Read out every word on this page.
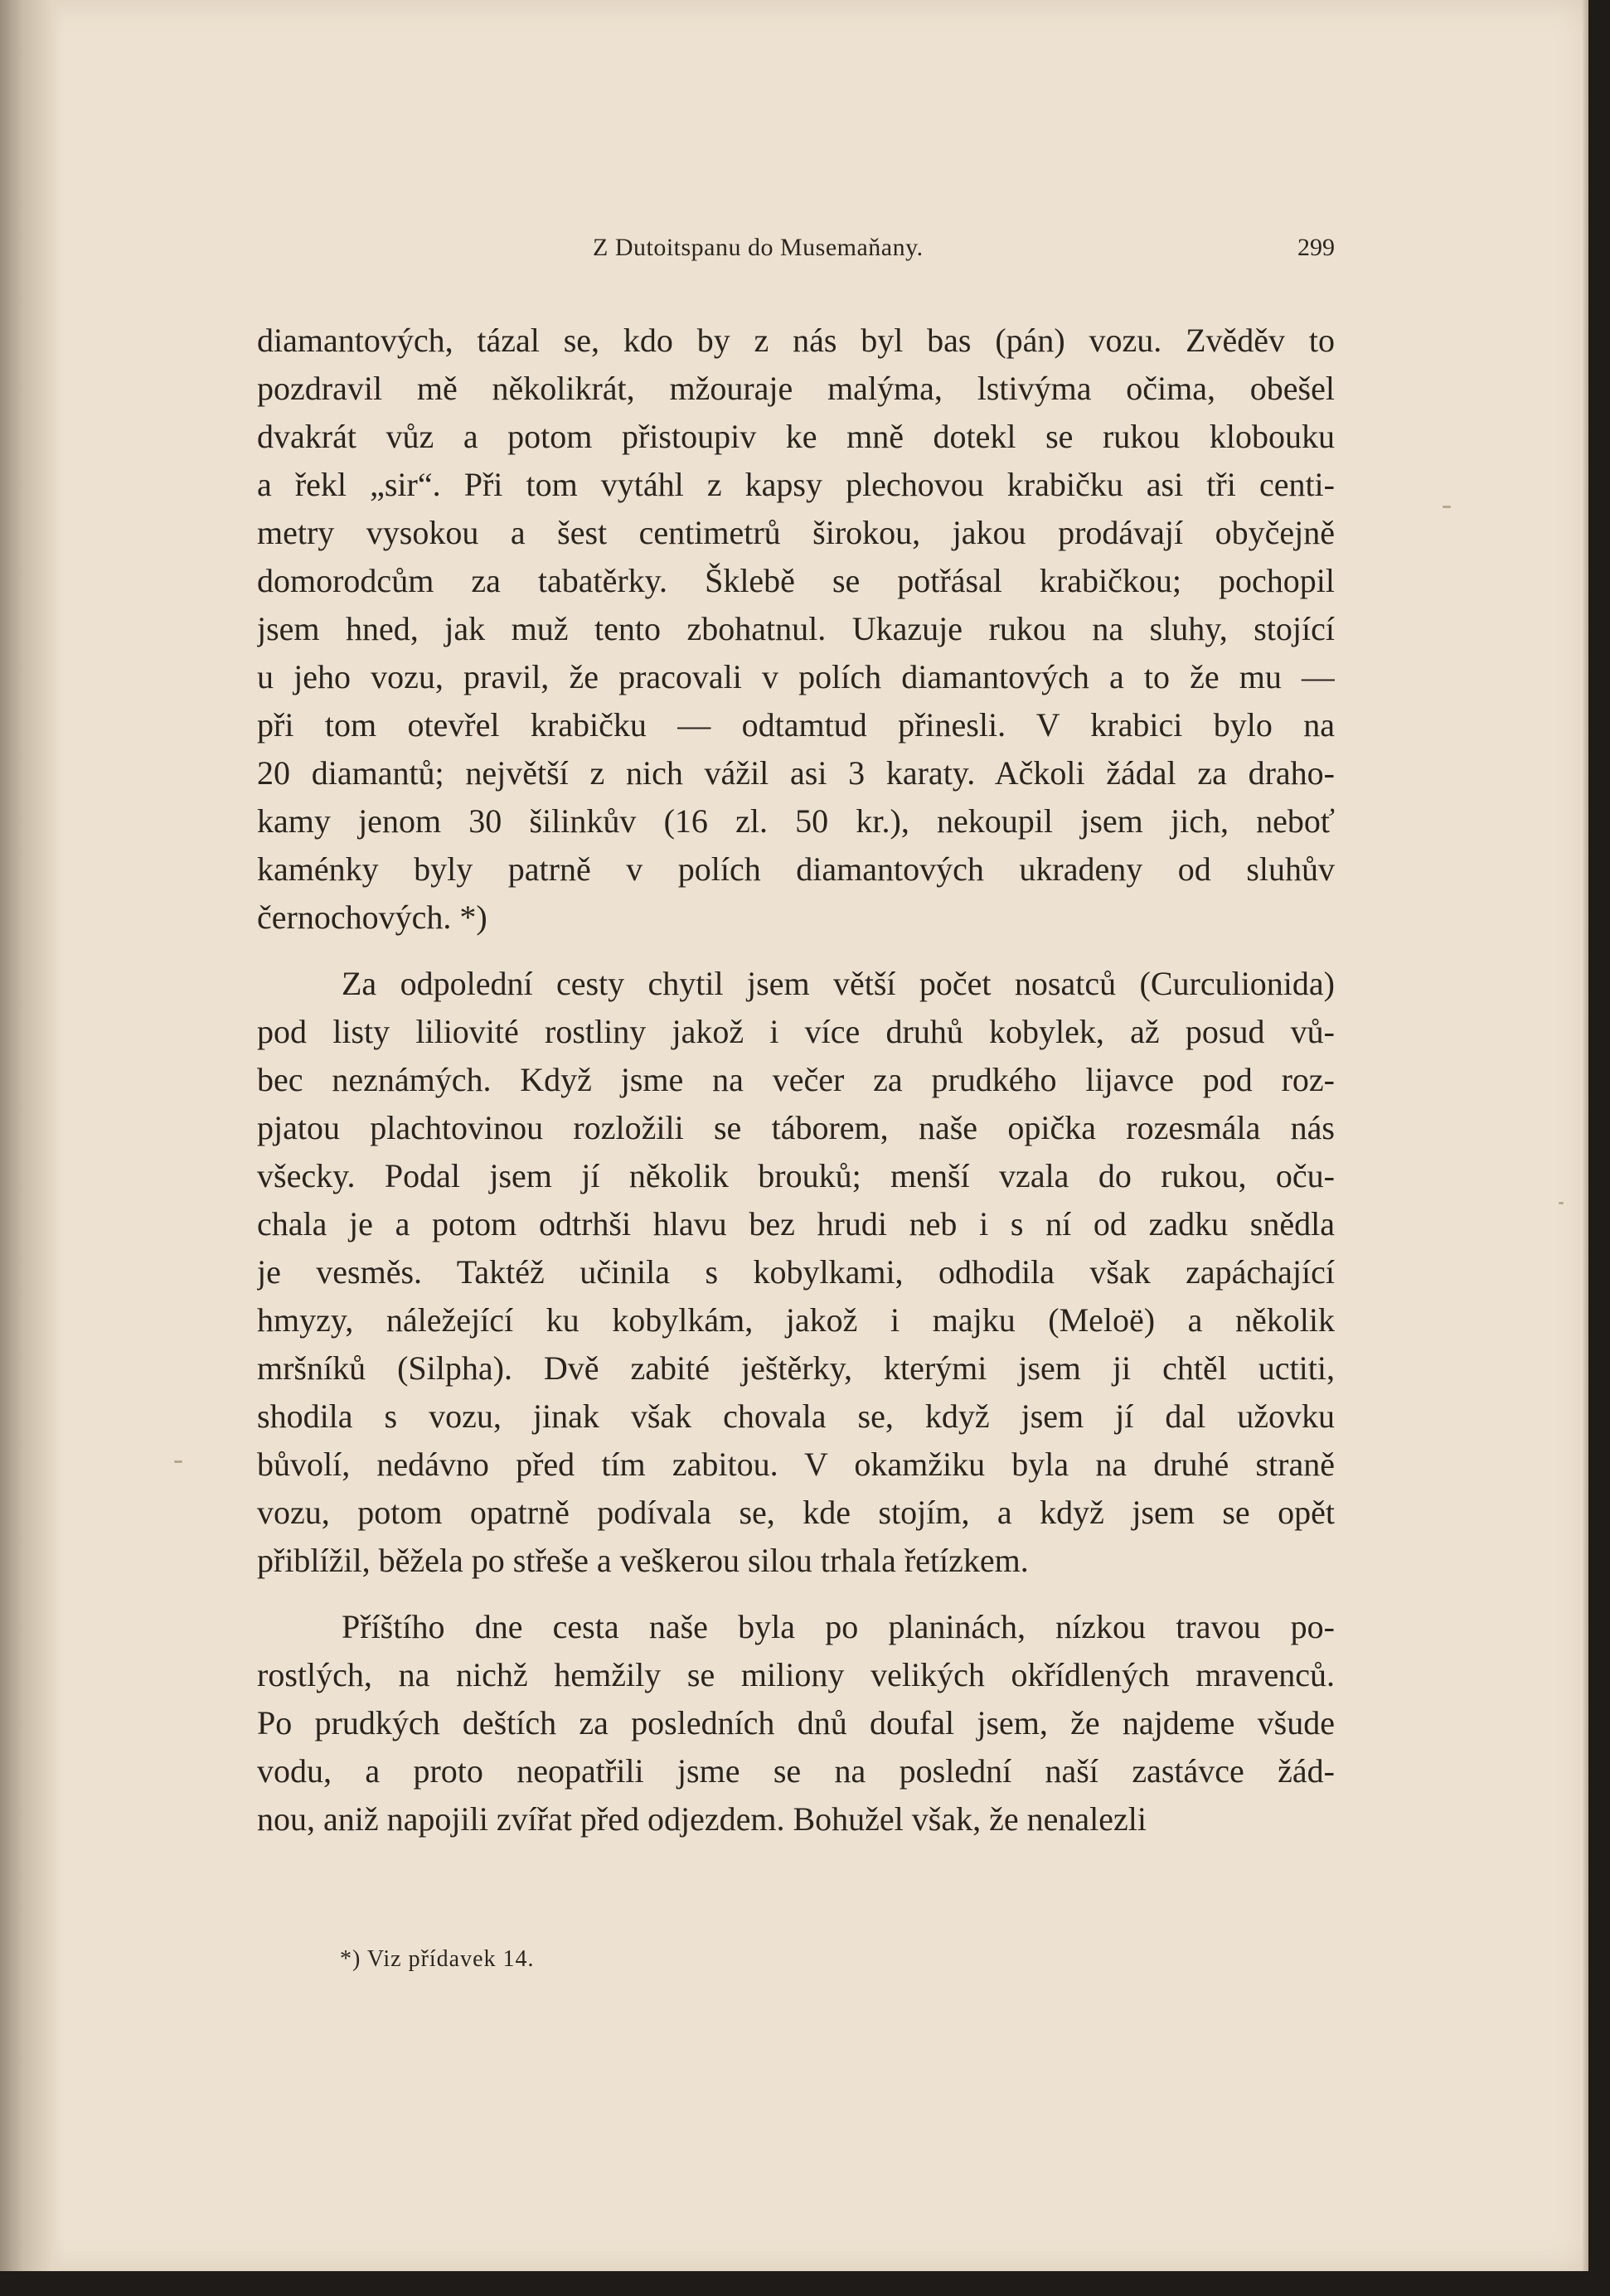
Z Dutoitspanu do Musemaňany.	299
diamantových, tázal se, kdo by z nás byl bas (pán) vozu. Zvěděv to
pozdravil mě několikrát, mžouraje malýma, lstivýma očima, obešel
dvakrát vůz a potom přistoupiv ke mně dotekl se rukou klobouku
a řekl „sir“. Při tom vytáhl z kapsy plechovou krabičku asi tři centi-
metry vysokou a šest centimetrů širokou, jakou prodávají obyčejně
domorodcům za tabatěrky. Šklebě se potřásal krabičkou; pochopil
jsem hned, jak muž tento zbohatnul. Ukazuje rukou na sluhy, stojící
u jeho vozu, pravil, že pracovali v polích diamantových a to že mu —
při tom otevřel krabičku — odtamtud přinesli. V krabici bylo na
20 diamantů; největší z nich vážil asi 3 karaty. Ačkoli žádal za draho-
kamy jenom 30 šilinkův (16 zl. 50 kr.), nekoupil jsem jich, neboť
kaménky byly patrně v polích diamantových ukradeny od sluhův
černochových. *)
Za odpolední cesty chytil jsem větší počet nosatců (Curculionida)
pod listy liliovité rostliny jakož i více druhů kobylek, až posud vů-
bec neznámých. Když jsme na večer za prudkého lijavce pod roz-
pjatou plachtovinou rozložili se táborem, naše opička rozesmála nás
všecky. Podal jsem jí několik brouků; menší vzala do rukou, oču-
chala je a potom odtrhši hlavu bez hrudi neb i s ní od zadku snědla
je vesměs. Taktéž učinila s kobylkami, odhodila však zapáchající
hmyzy, náležející ku kobylkám, jakož i majku (Meloë) a několik
mršníků (Silpha). Dvě zabité ještěrky, kterými jsem ji chtěl uctiti,
shodila s vozu, jinak však chovala se, když jsem jí dal užovku
bůvolí, nedávno před tím zabitou. V okamžiku byla na druhé straně
vozu, potom opatrně podívala se, kde stojím, a když jsem se opět
přiblížil, běžela po střeše a veškerou silou trhala řetízkem.
Příštího dne cesta naše byla po planinách, nízkou travou po-
rostlých, na nichž hemžily se miliony velikých okřídlených mravenců.
Po prudkých deštích za posledních dnů doufal jsem, že najdeme všude
vodu, a proto neopatřili jsme se na poslední naší zastávce žád-
nou, aniž napojili zvířat před odjezdem. Bohužel však, že nenalezli
*) Viz přídavek 14.
